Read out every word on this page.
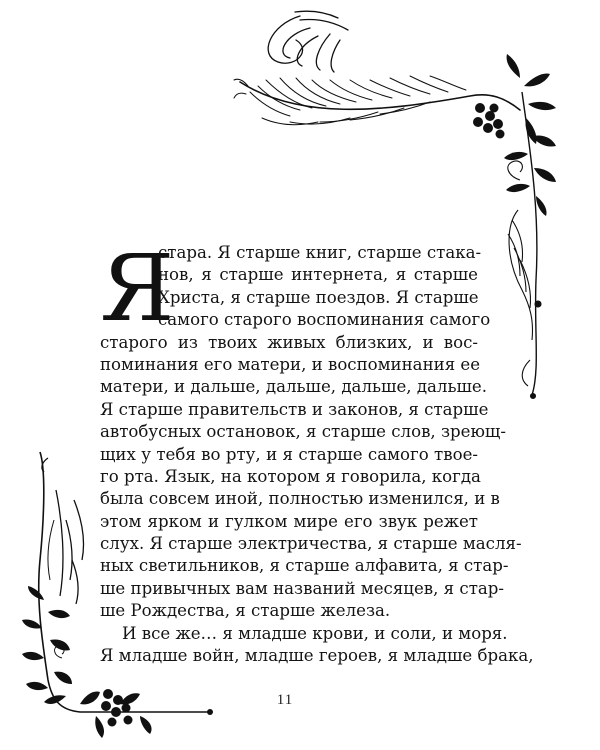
Я
стара. Я старше книг, старше стака-
нов, я старше интернета, я старше
Христа, я старше поездов. Я старше
самого старого воспоминания самого
старого из твоих живых близких, и вос-
поминания его матери, и воспоминания ее
матери, и дальше, дальше, дальше, дальше.
Я старше правительств и законов, я старше
автобусных остановок, я старше слов, зреющ-
щих у тебя во рту, и я старше самого твое-
го рта. Язык, на котором я говорила, когда
была совсем иной, полностью изменился, и в
этом ярком и гулком мире его звук режет
слух. Я старше электричества, я старше масля-
ных светильников, я старше алфавита, я стар-
ше привычных вам названий месяцев, я стар-
ше Рождества, я старше железа.
И все же… я младше крови, и соли, и моря.
Я младше войн, младше героев, я младше брака,
11
